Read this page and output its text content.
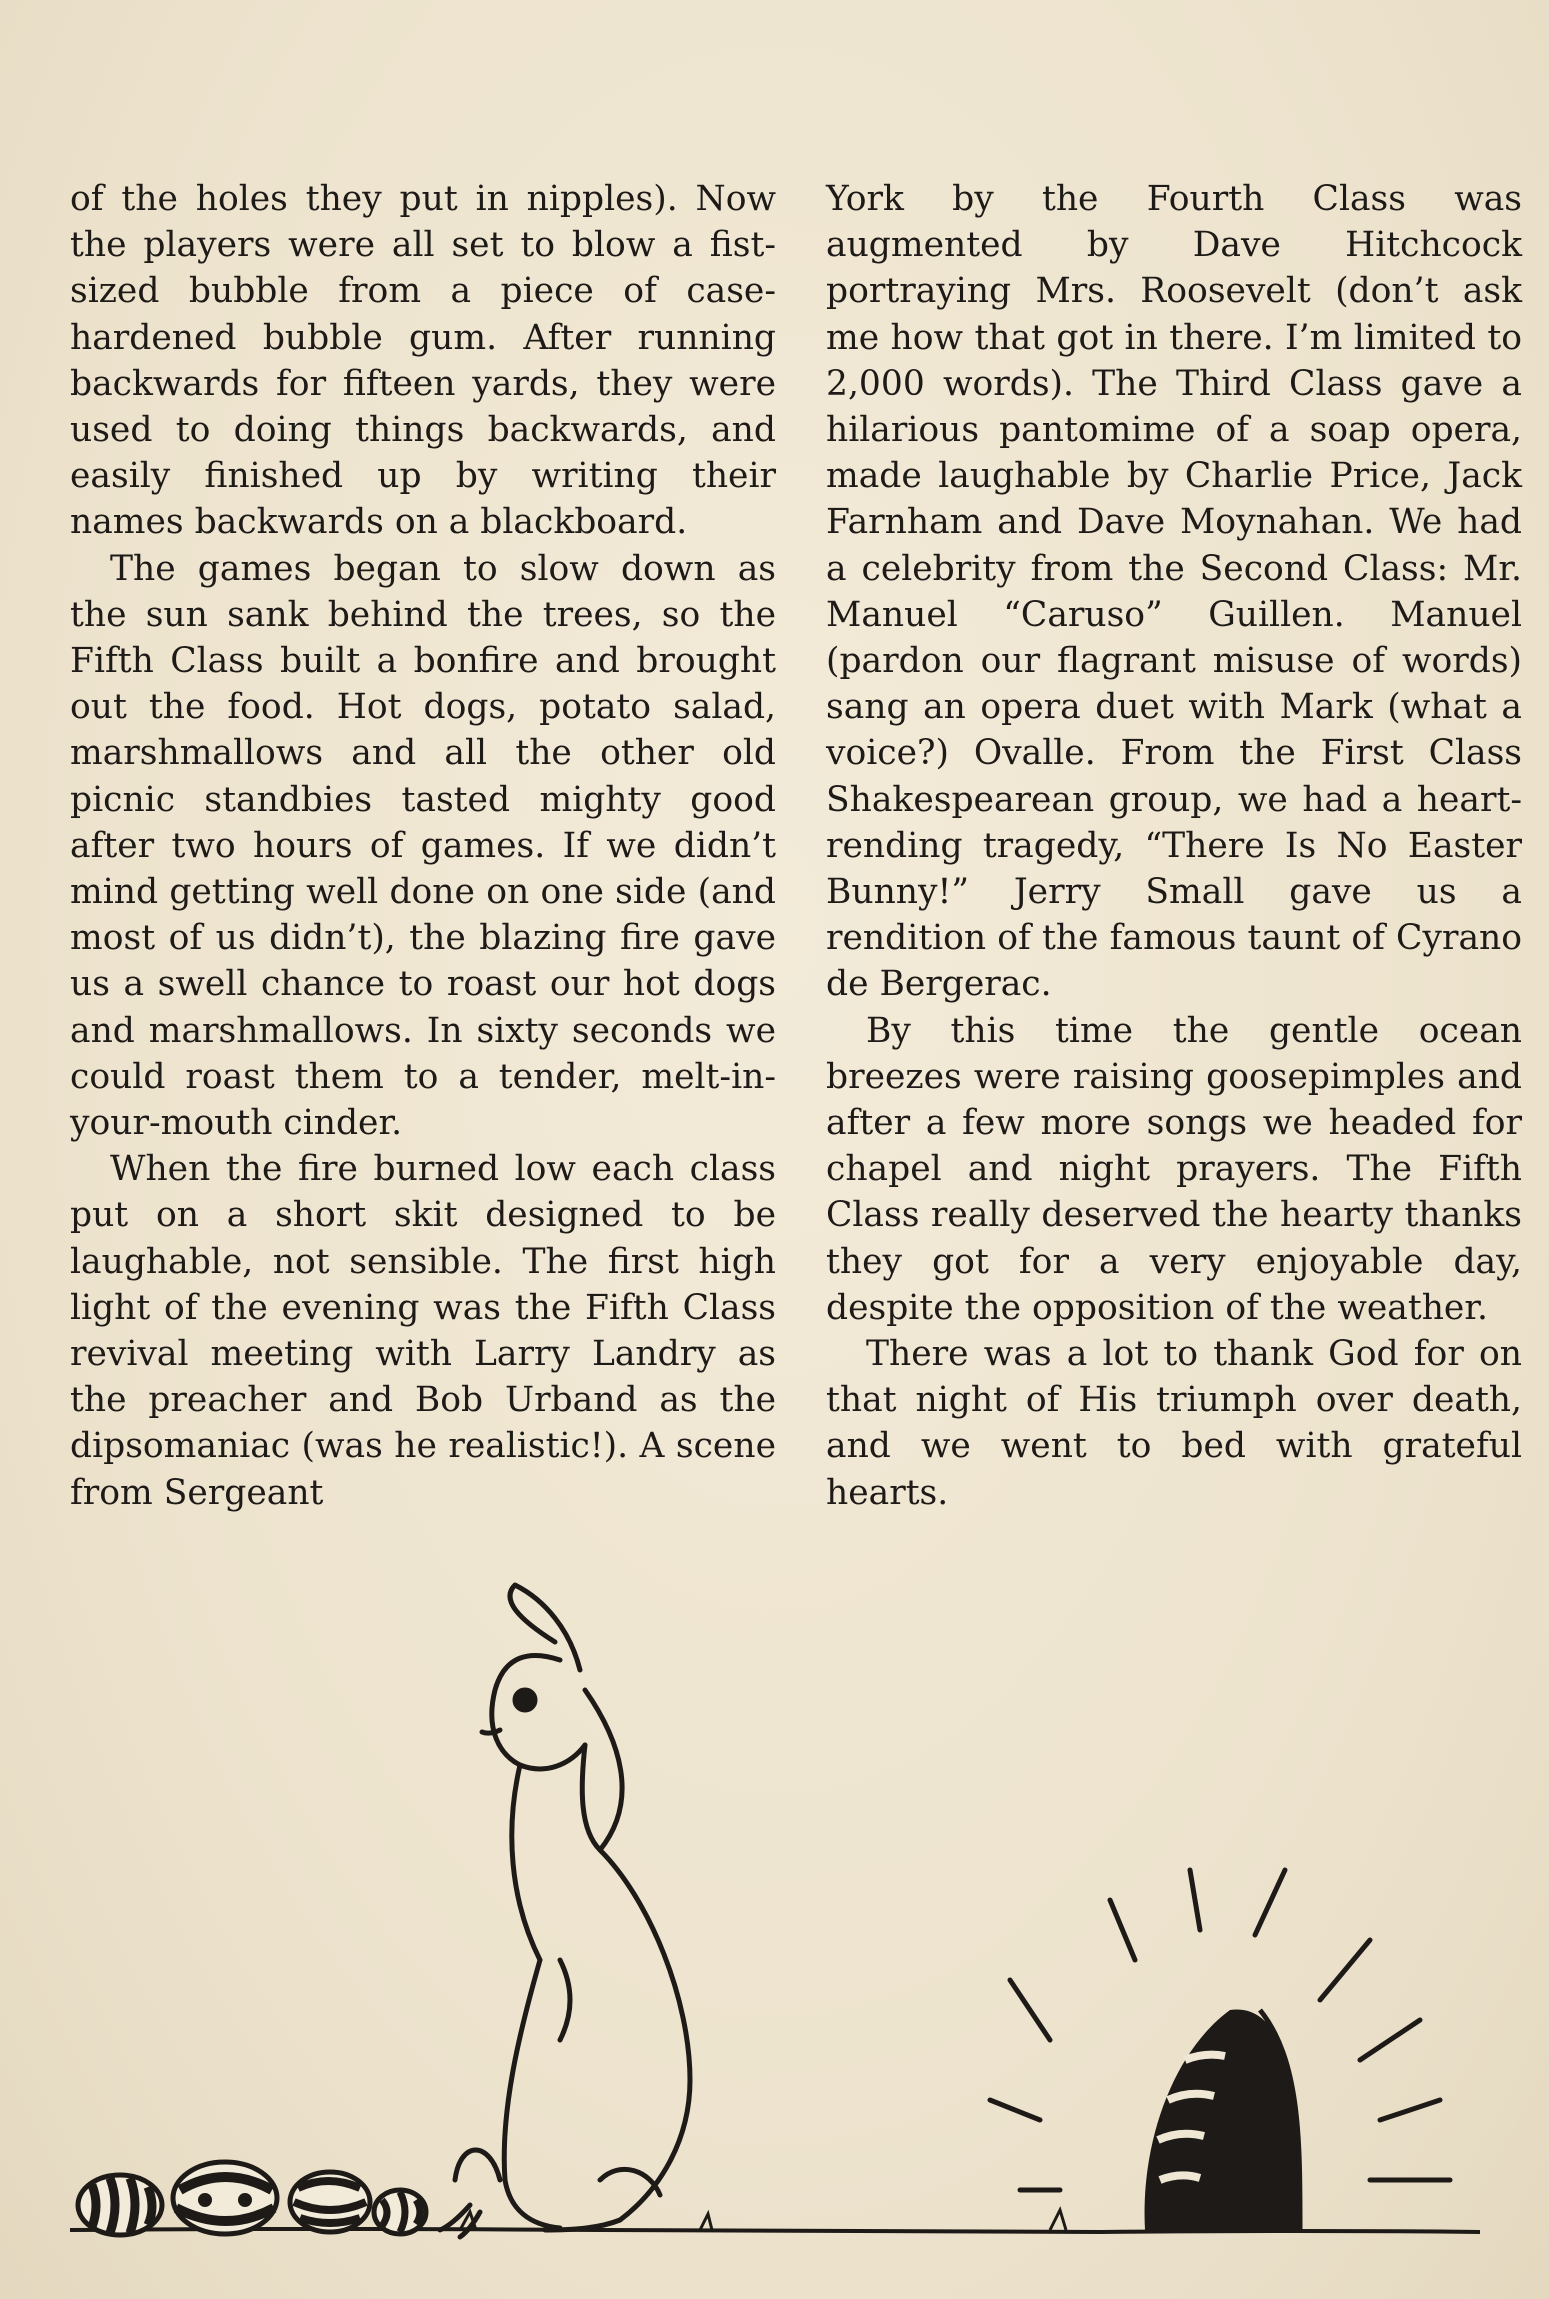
of the holes they put in nipples). Now the players were all set to blow a fist-sized bubble from a piece of case-hardened bubble gum. After running backwards for fifteen yards, they were used to doing things backwards, and easily finished up by writing their names backwards on a blackboard.

The games began to slow down as the sun sank behind the trees, so the Fifth Class built a bonfire and brought out the food. Hot dogs, potato salad, marshmallows and all the other old picnic standbies tasted mighty good after two hours of games. If we didn’t mind getting well done on one side (and most of us didn’t), the blazing fire gave us a swell chance to roast our hot dogs and marshmallows. In sixty seconds we could roast them to a tender, melt-in-your-mouth cinder.

When the fire burned low each class put on a short skit designed to be laughable, not sensible. The first high light of the evening was the Fifth Class revival meeting with Larry Landry as the preacher and Bob Urband as the dipsomaniac (was he realistic!). A scene from Sergeant

York by the Fourth Class was augmented by Dave Hitchcock portraying Mrs. Roosevelt (don’t ask me how that got in there. I’m limited to 2,000 words). The Third Class gave a hilarious pantomime of a soap opera, made laughable by Charlie Price, Jack Farnham and Dave Moynahan. We had a celebrity from the Second Class: Mr. Manuel “Caruso” Guillen. Manuel (pardon our flagrant misuse of words) sang an opera duet with Mark (what a voice?) Ovalle. From the First Class Shakespearean group, we had a heart-rending tragedy, “There Is No Easter Bunny!” Jerry Small gave us a rendition of the famous taunt of Cyrano de Bergerac.

By this time the gentle ocean breezes were raising goosepimples and after a few more songs we headed for chapel and night prayers. The Fifth Class really deserved the hearty thanks they got for a very enjoyable day, despite the opposition of the weather.

There was a lot to thank God for on that night of His triumph over death, and we went to bed with grateful hearts.
